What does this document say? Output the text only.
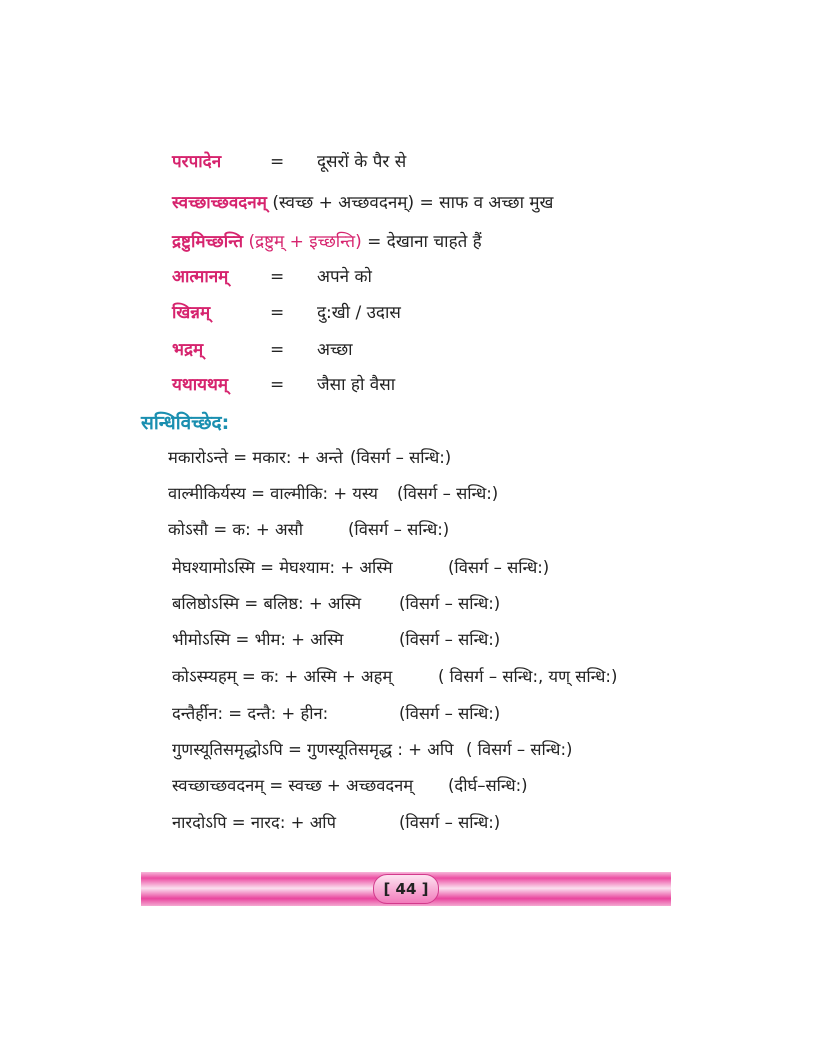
परपादेन	= दूसरों के पैर से
स्वच्छाच्छवदनम् (स्वच्छ + अच्छवदनम्) = साफ व अच्छा मुख
द्रष्टुमिच्छन्ति (द्रष्टुम् + इच्छन्ति) = देखाना चाहते हैं
आत्मानम् = अपने को
खिन्नम्	= दु:खी / उदास
भद्रम्	= अच्छा
यथायथम् = जैसा हो वैसा
सन्धिविच्छेद:
मकारोऽन्ते = मकार: + अन्ते (विसर्ग – सन्धि:)
वाल्मीकिर्यस्य = वाल्मीकि: + यस्य (विसर्ग – सन्धि:)
कोऽसौ = क: + असौ	(विसर्ग – सन्धि:)
मेघश्यामोऽस्मि = मेघश्याम: + अस्मि	(विसर्ग – सन्धि:)
बलिष्ठोऽस्मि = बलिष्ठ: + अस्मि (विसर्ग – सन्धि:)
भीमोऽस्मि = भीम: + अस्मि	(विसर्ग – सन्धि:)
कोऽस्म्यहम् = क: + अस्मि + अहम्	( विसर्ग – सन्धि:, यण् सन्धि:)
दन्तैर्हीन: = दन्तै: + हीन:	(विसर्ग – सन्धि:)
गुणस्यूतिसमृद्धोऽपि = गुणस्यूतिसमृद्ध : + अपि ( विसर्ग – सन्धि:)
स्वच्छाच्छवदनम् = स्वच्छ + अच्छवदनम् (दीर्घ–सन्धि:)
नारदोऽपि = नारद: + अपि	(विसर्ग – सन्धि:)
[ 44 ]
